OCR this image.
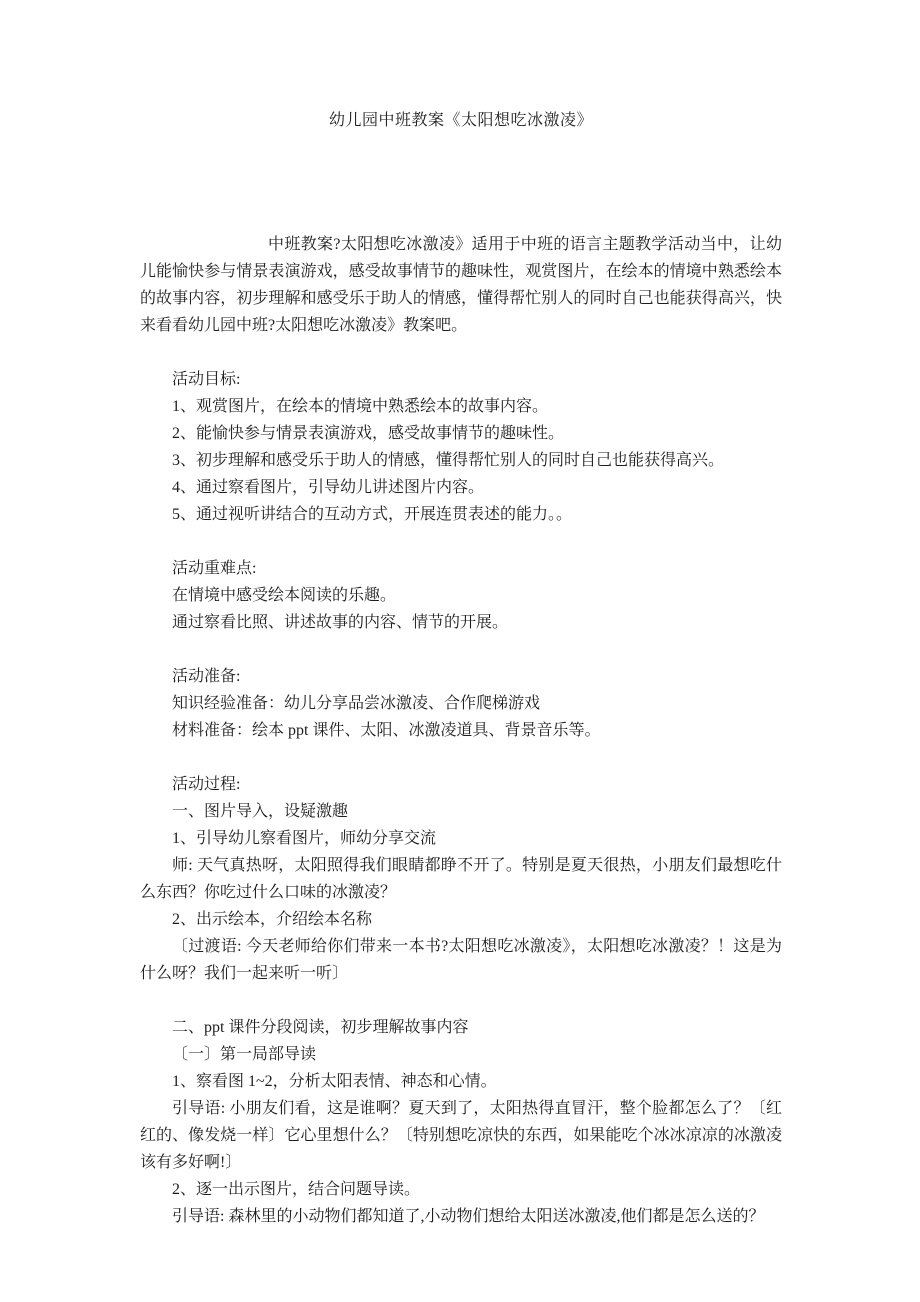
幼儿园中班教案《太阳想吃冰激凌》

中班教案?太阳想吃冰激凌》适用于中班的语言主题教学活动当中，让幼儿能愉快参与情景表演游戏，感受故事情节的趣味性，观赏图片，在绘本的情境中熟悉绘本的故事内容，初步理解和感受乐于助人的情感，懂得帮忙别人的同时自己也能获得高兴，快来看看幼儿园中班?太阳想吃冰激凌》教案吧。

活动目标:

1、观赏图片，在绘本的情境中熟悉绘本的故事内容。

2、能愉快参与情景表演游戏，感受故事情节的趣味性。

3、初步理解和感受乐于助人的情感，懂得帮忙别人的同时自己也能获得高兴。

4、通过察看图片，引导幼儿讲述图片内容。

5、通过视听讲结合的互动方式，开展连贯表述的能力。。

活动重难点:

在情境中感受绘本阅读的乐趣。

通过察看比照、讲述故事的内容、情节的开展。

活动准备:

知识经验准备：幼儿分享品尝冰激凌、合作爬梯游戏

材料准备：绘本 ppt 课件、太阳、冰激凌道具、背景音乐等。

活动过程:

一、图片导入，设疑激趣

1、引导幼儿察看图片，师幼分享交流

师: 天气真热呀，太阳照得我们眼睛都睁不开了。特别是夏天很热，小朋友们最想吃什么东西？你吃过什么口味的冰激凌？

2、出示绘本，介绍绘本名称

〔过渡语: 今天老师给你们带来一本书?太阳想吃冰激凌》，太阳想吃冰激凌？！这是为什么呀？我们一起来听一听〕

二、ppt 课件分段阅读，初步理解故事内容

〔一〕第一局部导读

1、察看图 1~2，分析太阳表情、神态和心情。

引导语: 小朋友们看，这是谁啊？夏天到了，太阳热得直冒汗，整个脸都怎么了？〔红红的、像发烧一样〕它心里想什么？〔特别想吃凉快的东西，如果能吃个冰冰凉凉的冰激凌该有多好啊!〕

2、逐一出示图片，结合问题导读。

引导语: 森林里的小动物们都知道了,小动物们想给太阳送冰激凌,他们都是怎么送的？
